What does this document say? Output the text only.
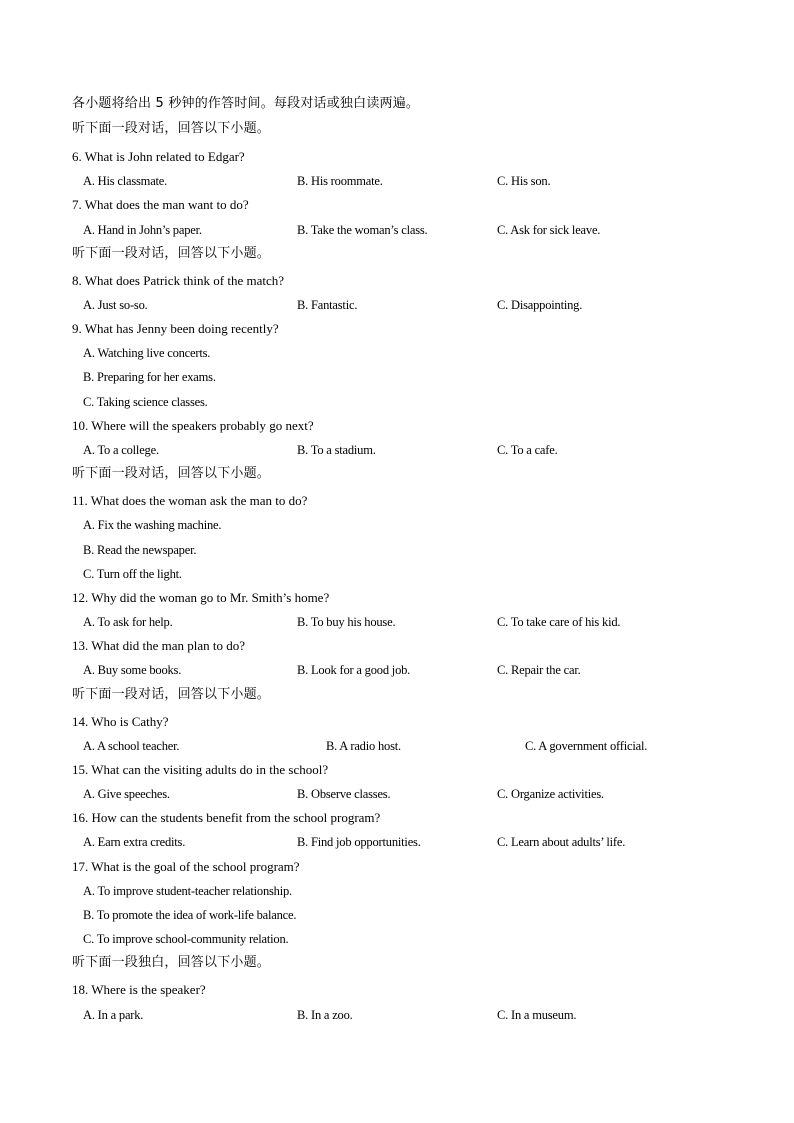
各小题将给出 5 秒钟的作答时间。每段对话或独白读两遍。
听下面一段对话，回答以下小题。
6. What is John related to Edgar?
A. His classmate.	B. His roommate.	C. His son.
7. What does the man want to do?
A. Hand in John’s paper.	B. Take the woman’s class.	C. Ask for sick leave.
听下面一段对话，回答以下小题。
8. What does Patrick think of the match?
A. Just so-so.	B. Fantastic.	C. Disappointing.
9. What has Jenny been doing recently?
A. Watching live concerts.
B. Preparing for her exams.
C. Taking science classes.
10. Where will the speakers probably go next?
A. To a college.	B. To a stadium.	C. To a cafe.
听下面一段对话，回答以下小题。
11. What does the woman ask the man to do?
A. Fix the washing machine.
B. Read the newspaper.
C. Turn off the light.
12. Why did the woman go to Mr. Smith’s home?
A. To ask for help.	B. To buy his house.	C. To take care of his kid.
13. What did the man plan to do?
A. Buy some books.	B. Look for a good job.	C. Repair the car.
听下面一段对话，回答以下小题。
14. Who is Cathy?
A. A school teacher.	B. A radio host.	C. A government official.
15. What can the visiting adults do in the school?
A. Give speeches.	B. Observe classes.	C. Organize activities.
16. How can the students benefit from the school program?
A. Earn extra credits.	B. Find job opportunities.	C. Learn about adults’ life.
17. What is the goal of the school program?
A. To improve student-teacher relationship.
B. To promote the idea of work-life balance.
C. To improve school-community relation.
听下面一段独白，回答以下小题。
18. Where is the speaker?
A. In a park.	B. In a zoo.	C. In a museum.
